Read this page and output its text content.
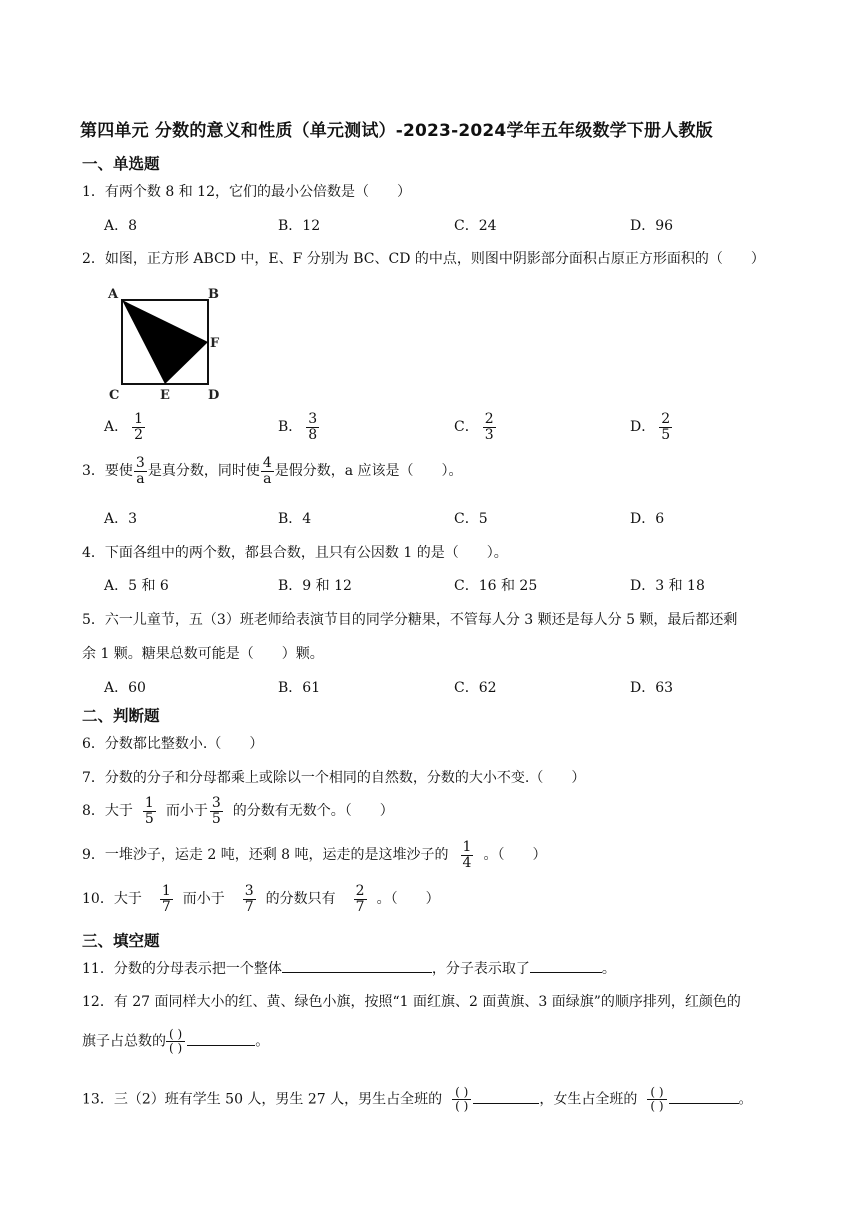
第四单元 分数的意义和性质（单元测试）-2023-2024学年五年级数学下册人教版
一、单选题
1．有两个数 8 和 12，它们的最小公倍数是（　　）
A．8	B．12	C．24	D．96
2．如图，正方形 ABCD 中，E、F 分别为 BC、CD 的中点，则图中阴影部分面积占原正方形面积的（　　）
A	B
C	D
E
F
A． $\frac{1}{2}$	B． $\frac{3}{8}$	C． $\frac{2}{3}$	D． $\frac{2}{5}$
3．要使 $\frac{3}{a}$ 是真分数，同时使 $\frac{4}{a}$ 是假分数，a 应该是（　　）。
A．3	B．4	C．5	D．6
4．下面各组中的两个数，都县合数，且只有公因数 1 的是（　　）。
A．5 和 6	B．9 和 12	C．16 和 25	D．3 和 18
5．六一儿童节，五（3）班老师给表演节目的同学分糖果，不管每人分 3 颗还是每人分 5 颗，最后都还剩
余 1 颗。糖果总数可能是（　　）颗。
A．60	B．61	C．62	D．63
二、判断题
6．分数都比整数小.（　　）
7．分数的分子和分母都乘上或除以一个相同的自然数，分数的大小不变.（　　）
8．大于 $\frac{1}{5}$ 而小于 $\frac{3}{5}$ 的分数有无数个。（　　）
9．一堆沙子，运走 2 吨，还剩 8 吨，运走的是这堆沙子的 $\frac{1}{4}$ 。（　　）
10．大于 $\frac{1}{7}$ 而小于 $\frac{3}{7}$ 的分数只有 $\frac{2}{7}$ 。（　　）
三、填空题
11．分数的分母表示把一个整体	，分子表示取了	。
12．有 27 面同样大小的红、黄、绿色小旗，按照“1 面红旗、2 面黄旗、3 面绿旗”的顺序排列，红颜色的
旗子占总数的 ( )
( )	。
13．三（2）班有学生 50 人，男生 27 人，男生占全班的 ( )
( )	，女生占全班的 ( )
( )	。
